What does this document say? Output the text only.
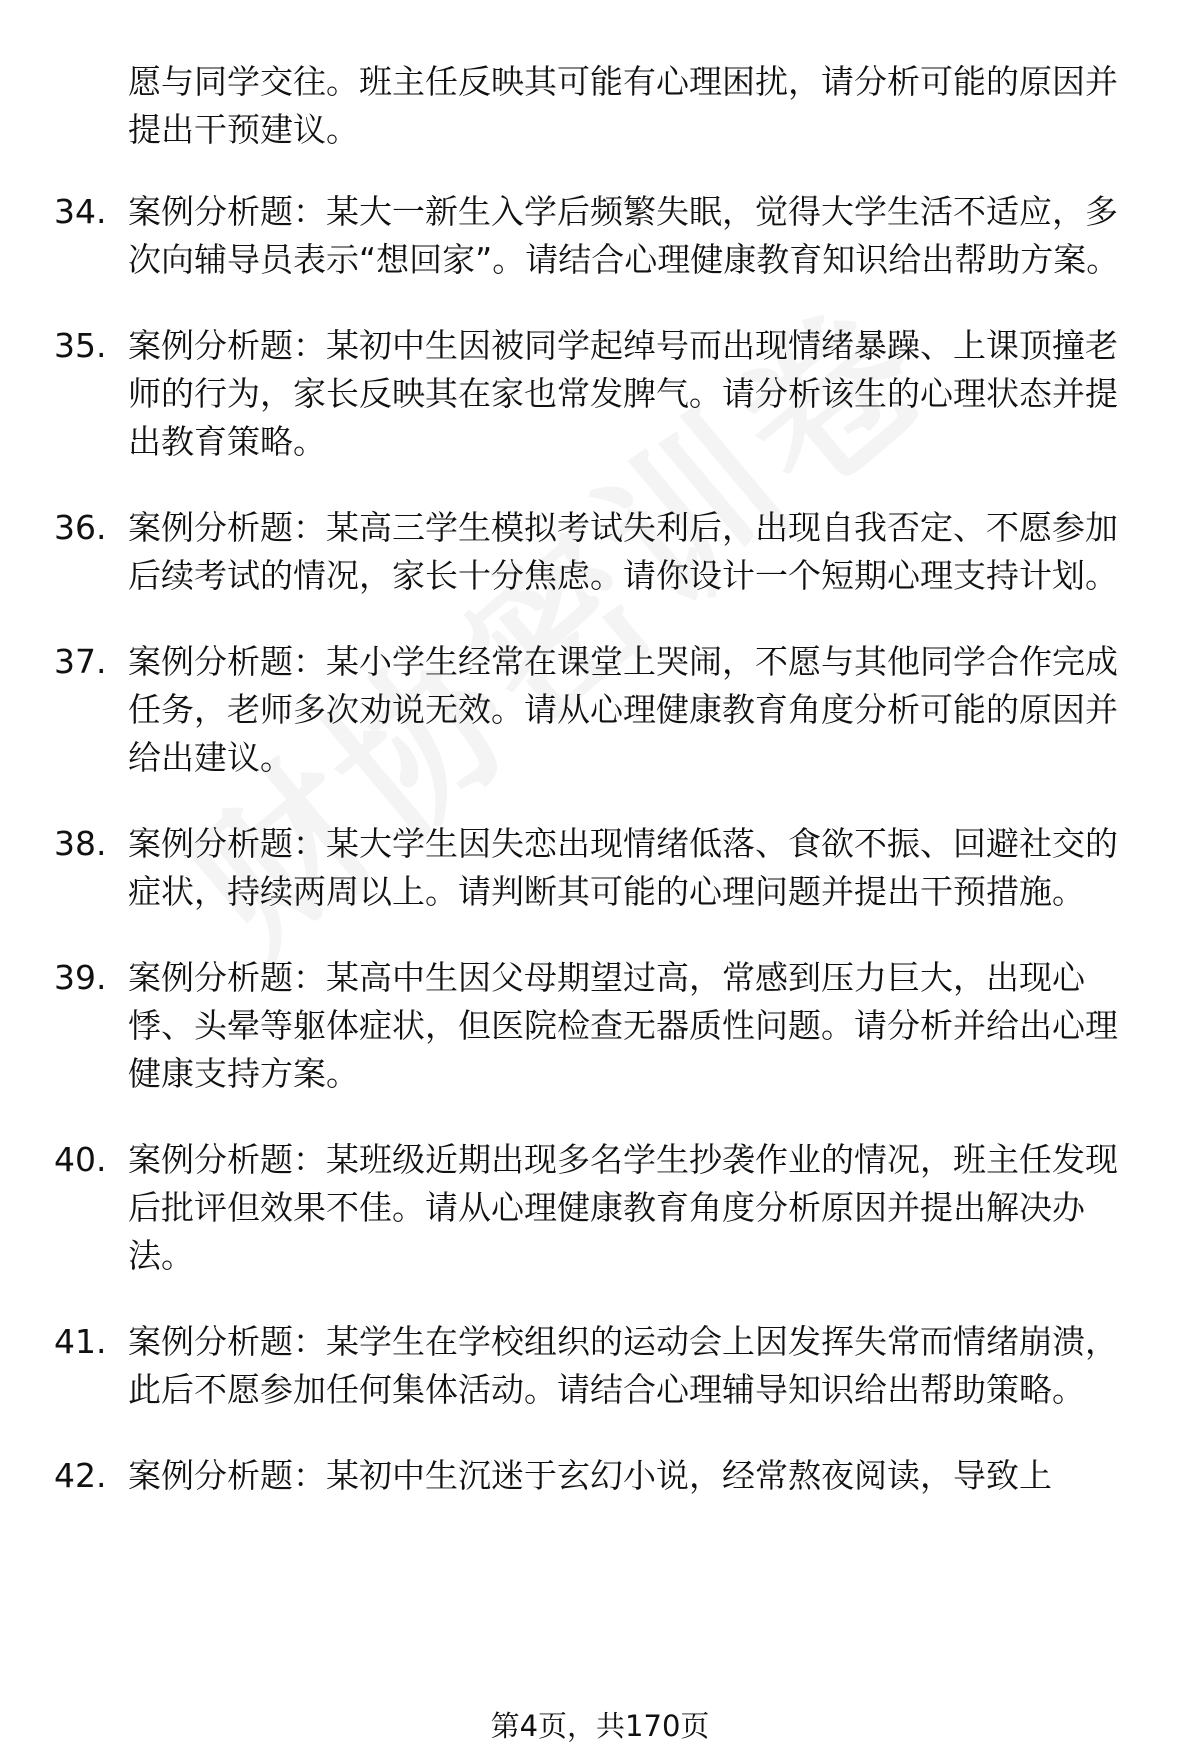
愿与同学交往。班主任反映其可能有心理困扰，请分析可能的原因并提出干预建议。
34. 案例分析题：某大一新生入学后频繁失眠，觉得大学生活不适应，多次向辅导员表示“想回家”。请结合心理健康教育知识给出帮助方案。
35. 案例分析题：某初中生因被同学起绰号而出现情绪暴躁、上课顶撞老师的行为，家长反映其在家也常发脾气。请分析该生的心理状态并提出教育策略。
36. 案例分析题：某高三学生模拟考试失利后，出现自我否定、不愿参加后续考试的情况，家长十分焦虑。请你设计一个短期心理支持计划。
37. 案例分析题：某小学生经常在课堂上哭闹，不愿与其他同学合作完成任务，老师多次劝说无效。请从心理健康教育角度分析可能的原因并给出建议。
38. 案例分析题：某大学生因失恋出现情绪低落、食欲不振、回避社交的症状，持续两周以上。请判断其可能的心理问题并提出干预措施。
39. 案例分析题：某高中生因父母期望过高，常感到压力巨大，出现心悸、头晕等躯体症状，但医院检查无器质性问题。请分析并给出心理健康支持方案。
40. 案例分析题：某班级近期出现多名学生抄袭作业的情况，班主任发现后批评但效果不佳。请从心理健康教育角度分析原因并提出解决办法。
41. 案例分析题：某学生在学校组织的运动会上因发挥失常而情绪崩溃，此后不愿参加任何集体活动。请结合心理辅导知识给出帮助策略。
42. 案例分析题：某初中生沉迷于玄幻小说，经常熬夜阅读，导致上
第4页，共170页
